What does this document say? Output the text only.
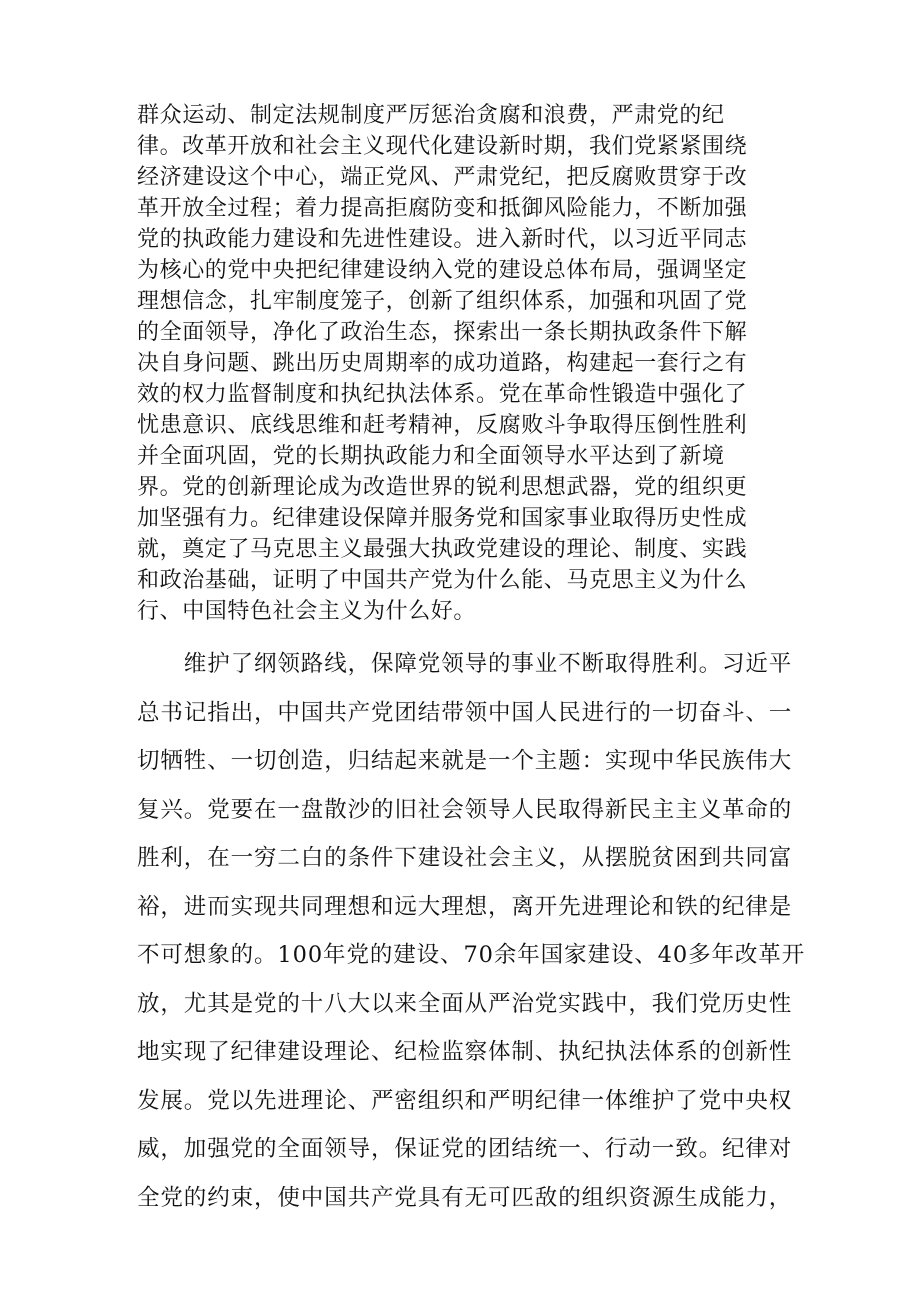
群众运动、制定法规制度严厉惩治贪腐和浪费，严肃党的纪
律。改革开放和社会主义现代化建设新时期，我们党紧紧围绕
经济建设这个中心，端正党风、严肃党纪，把反腐败贯穿于改
革开放全过程；着力提高拒腐防变和抵御风险能力，不断加强
党的执政能力建设和先进性建设。进入新时代，以习近平同志
为核心的党中央把纪律建设纳入党的建设总体布局，强调坚定
理想信念，扎牢制度笼子，创新了组织体系，加强和巩固了党
的全面领导，净化了政治生态，探索出一条长期执政条件下解
决自身问题、跳出历史周期率的成功道路，构建起一套行之有
效的权力监督制度和执纪执法体系。党在革命性锻造中强化了
忧患意识、底线思维和赶考精神，反腐败斗争取得压倒性胜利
并全面巩固，党的长期执政能力和全面领导水平达到了新境
界。党的创新理论成为改造世界的锐利思想武器，党的组织更
加坚强有力。纪律建设保障并服务党和国家事业取得历史性成
就，奠定了马克思主义最强大执政党建设的理论、制度、实践
和政治基础，证明了中国共产党为什么能、马克思主义为什么
行、中国特色社会主义为什么好。
　　维护了纲领路线，保障党领导的事业不断取得胜利。习近平
总书记指出，中国共产党团结带领中国人民进行的一切奋斗、一
切牺牲、一切创造，归结起来就是一个主题：实现中华民族伟大
复兴。党要在一盘散沙的旧社会领导人民取得新民主主义革命的
胜利，在一穷二白的条件下建设社会主义，从摆脱贫困到共同富
裕，进而实现共同理想和远大理想，离开先进理论和铁的纪律是
不可想象的。100年党的建设、70余年国家建设、40多年改革开
放，尤其是党的十八大以来全面从严治党实践中，我们党历史性
地实现了纪律建设理论、纪检监察体制、执纪执法体系的创新性
发展。党以先进理论、严密组织和严明纪律一体维护了党中央权
威，加强党的全面领导，保证党的团结统一、行动一致。纪律对
全党的约束，使中国共产党具有无可匹敌的组织资源生成能力，
